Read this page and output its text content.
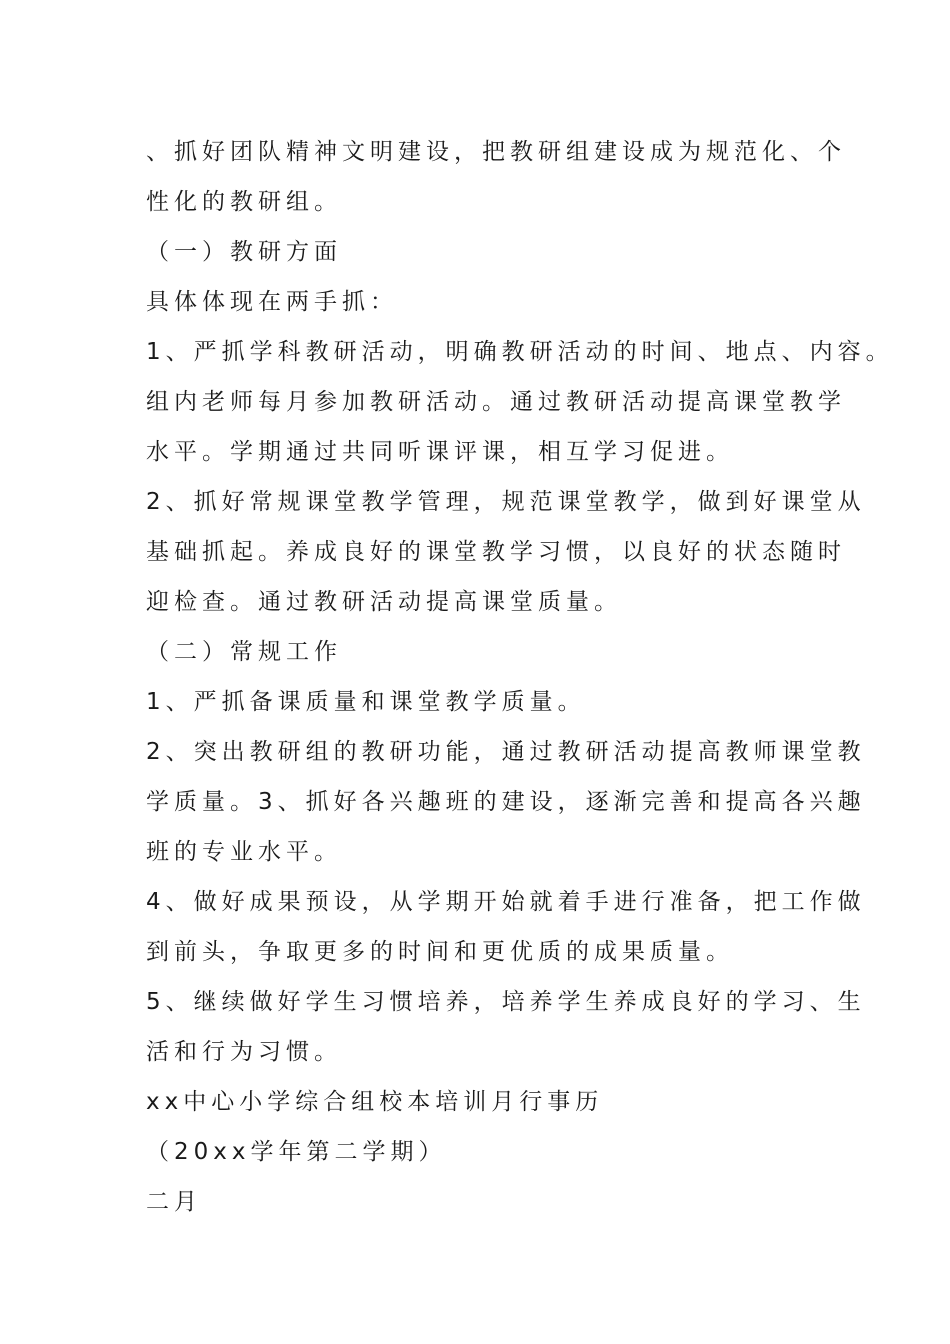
、抓好团队精神文明建设，把教研组建设成为规范化、个

性化的教研组。

（一）教研方面

具体体现在两手抓：

1、严抓学科教研活动，明确教研活动的时间、地点、内容。

组内老师每月参加教研活动。通过教研活动提高课堂教学

水平。学期通过共同听课评课，相互学习促进。

2、抓好常规课堂教学管理，规范课堂教学，做到好课堂从

基础抓起。养成良好的课堂教学习惯，以良好的状态随时

迎检查。通过教研活动提高课堂质量。

（二）常规工作

1、严抓备课质量和课堂教学质量。

2、突出教研组的教研功能，通过教研活动提高教师课堂教

学质量。3、抓好各兴趣班的建设，逐渐完善和提高各兴趣

班的专业水平。

4、做好成果预设，从学期开始就着手进行准备，把工作做

到前头，争取更多的时间和更优质的成果质量。

5、继续做好学生习惯培养，培养学生养成良好的学习、生

活和行为习惯。

xx中心小学综合组校本培训月行事历

（20xx学年第二学期）

二月
